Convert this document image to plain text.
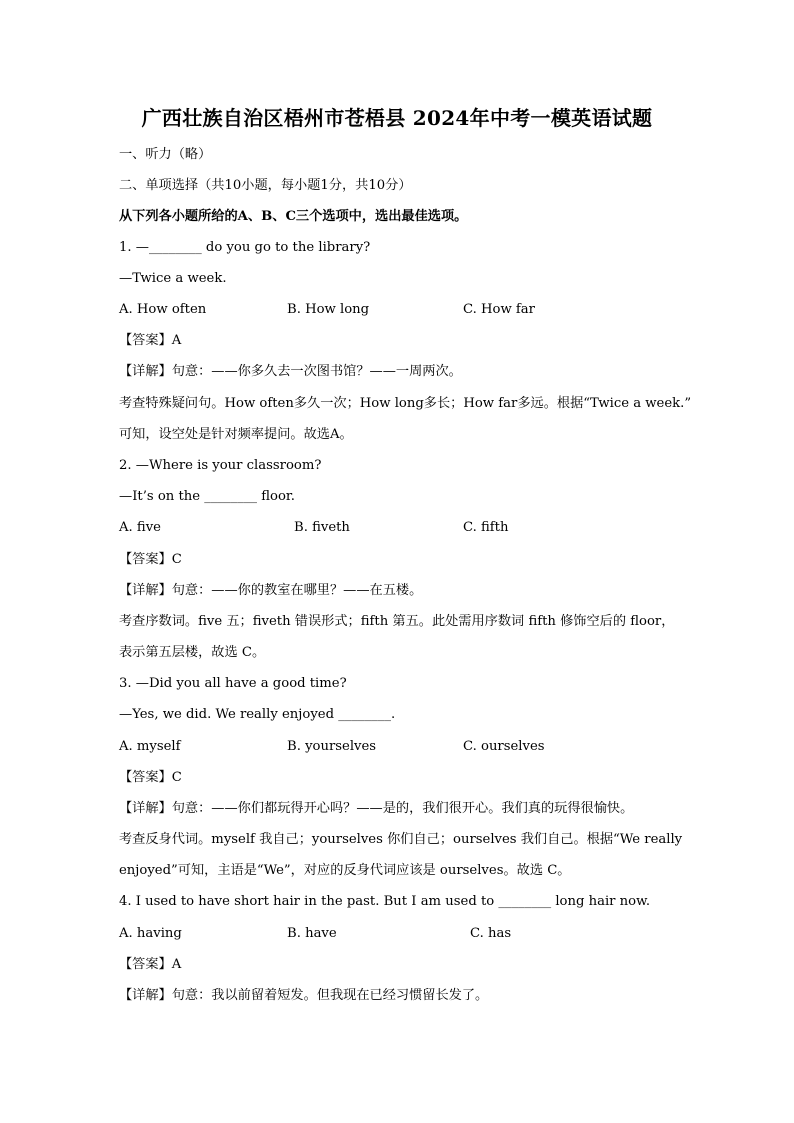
广西壮族自治区梧州市苍梧县 2024年中考一模英语试题
一、听力（略）
二、单项选择（共10小题，每小题1分，共10分）
从下列各小题所给的A、B、C三个选项中，选出最佳选项。
1. —________ do you go to the library?
—Twice a week.
A. How often	B. How long	C. How far
【答案】A
【详解】句意：——你多久去一次图书馆？——一周两次。
考查特殊疑问句。How often多久一次；How long多长；How far多远。根据“Twice a week.”
可知，设空处是针对频率提问。故选A。
2. —Where is your classroom?
—It’s on the ________ floor.
A. five	B. fiveth	C. fifth
【答案】C
【详解】句意：——你的教室在哪里？——在五楼。
考查序数词。five 五；fiveth 错误形式；fifth 第五。此处需用序数词 fifth 修饰空后的 floor，
表示第五层楼，故选 C。
3. —Did you all have a good time?
—Yes, we did. We really enjoyed ________.
A. myself	B. yourselves	C. ourselves
【答案】C
【详解】句意：——你们都玩得开心吗？——是的，我们很开心。我们真的玩得很愉快。
考查反身代词。myself 我自己；yourselves 你们自己；ourselves 我们自己。根据“We really
enjoyed”可知，主语是“We”，对应的反身代词应该是 ourselves。故选 C。
4. I used to have short hair in the past. But I am used to ________ long hair now.
A. having	B. have	C. has
【答案】A
【详解】句意：我以前留着短发。但我现在已经习惯留长发了。
